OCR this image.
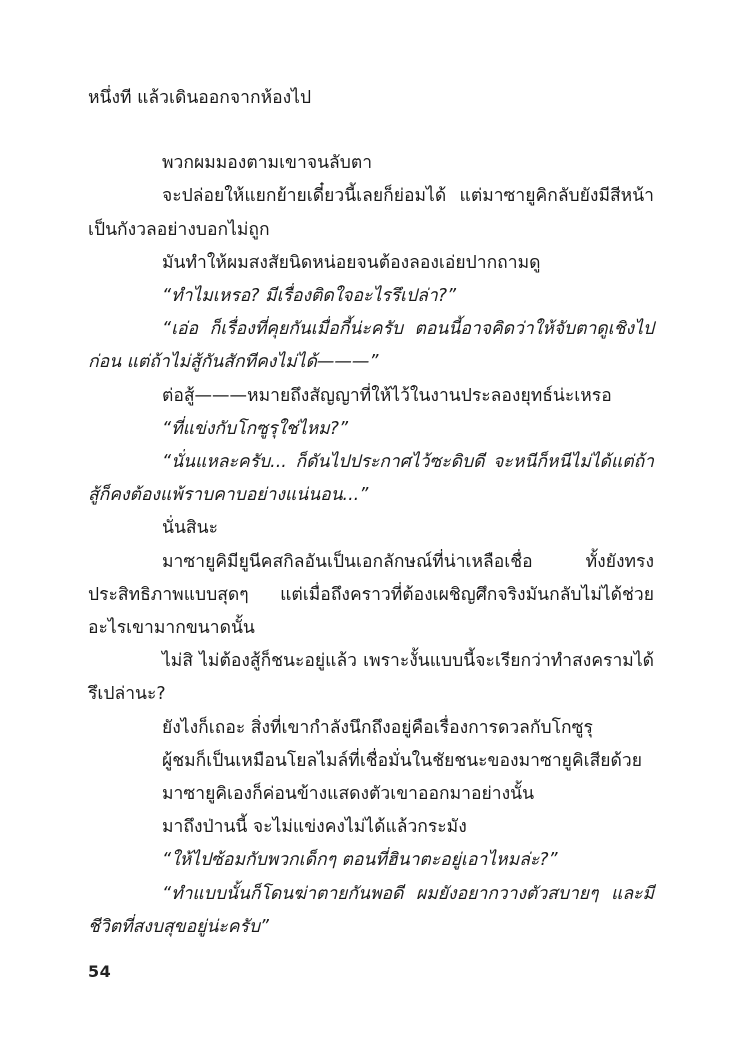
หนึ่งที แล้วเดินออกจากห้องไป

พวกผมมองตามเขาจนลับตา

จะปล่อยให้แยกย้ายเดี๋ยวนี้เลยก็ย่อมได้ แต่มาซายูคิกลับยังมีสีหน้าเป็นกังวลอย่างบอกไม่ถูก

มันทำให้ผมสงสัยนิดหน่อยจนต้องลองเอ่ยปากถามดู

“ทำไมเหรอ? มีเรื่องติดใจอะไรรึเปล่า?”

“เอ่อ ก็เรื่องที่คุยกันเมื่อกี้น่ะครับ ตอนนี้อาจคิดว่าให้จับตาดูเชิงไปก่อน แต่ถ้าไม่สู้กันสักทีคงไม่ได้———”

ต่อสู้———หมายถึงสัญญาที่ให้ไว้ในงานประลองยุทธ์น่ะเหรอ

“ที่แข่งกับโกซูรุใช่ไหม?”

“นั่นแหละครับ... ก็ดันไปประกาศไว้ซะดิบดี จะหนีก็หนีไม่ได้แต่ถ้าสู้ก็คงต้องแพ้ราบคาบอย่างแน่นอน...”

นั่นสินะ

มาซายูคิมียูนีคสกิลอันเป็นเอกลักษณ์ที่น่าเหลือเชื่อ ทั้งยังทรงประสิทธิภาพแบบสุดๆ แต่เมื่อถึงคราวที่ต้องเผชิญศึกจริงมันกลับไม่ได้ช่วยอะไรเขามากขนาดนั้น

ไม่สิ ไม่ต้องสู้ก็ชนะอยู่แล้ว เพราะงั้นแบบนี้จะเรียกว่าทำสงครามได้รึเปล่านะ?

ยังไงก็เถอะ สิ่งที่เขากำลังนึกถึงอยู่คือเรื่องการดวลกับโกซูรุ

ผู้ชมก็เป็นเหมือนโยลไมล์ที่เชื่อมั่นในชัยชนะของมาซายูคิเสียด้วย

มาซายูคิเองก็ค่อนข้างแสดงตัวเขาออกมาอย่างนั้น

มาถึงป่านนี้ จะไม่แข่งคงไม่ได้แล้วกระมัง

“ให้ไปซ้อมกับพวกเด็กๆ ตอนที่ฮินาตะอยู่เอาไหมล่ะ?”

“ทำแบบนั้นก็โดนฆ่าตายกันพอดี ผมยังอยากวางตัวสบายๆ และมีชีวิตที่สงบสุขอยู่น่ะครับ”

54
